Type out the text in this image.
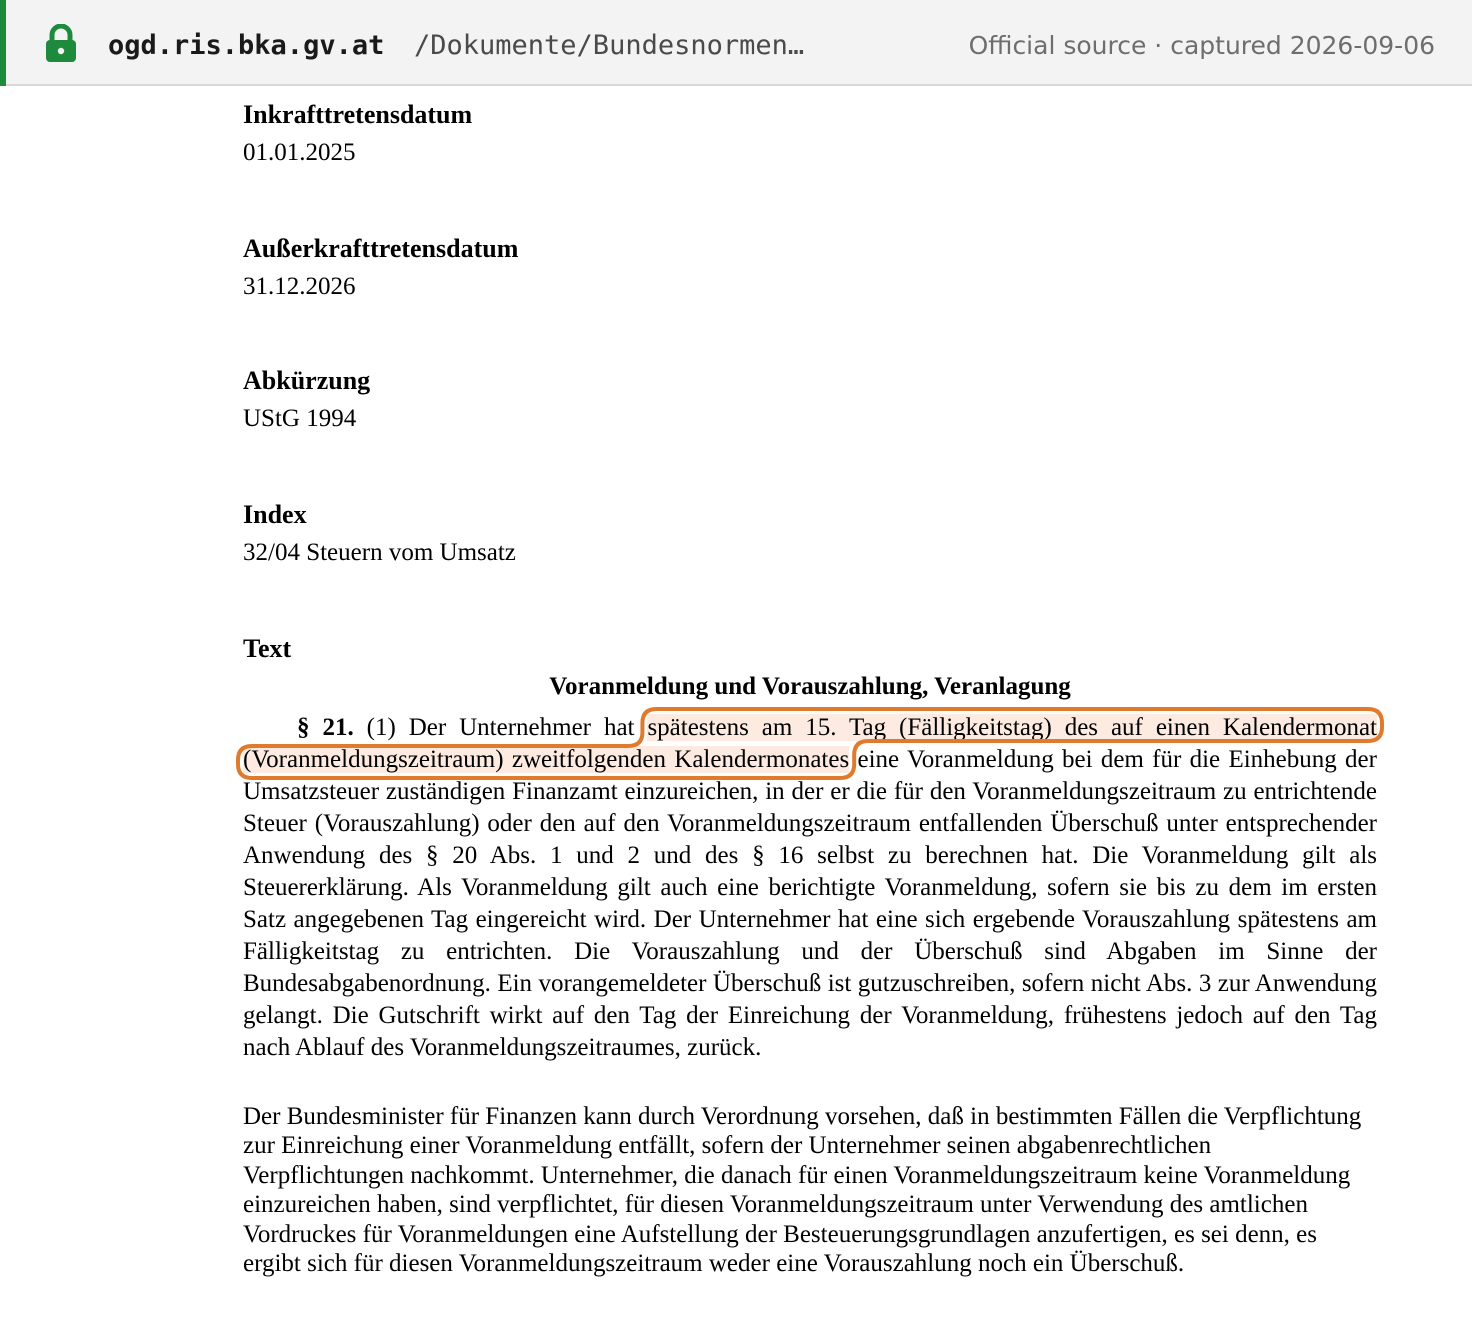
ogd.ris.bka.gv.at /Dokumente/Bundesnormen…	Official source · captured 2026-09-06
Inkrafttretensdatum
01.01.2025
Außerkrafttretensdatum
31.12.2026
Abkürzung
UStG 1994
Index
32/04 Steuern vom Umsatz
Text
Voranmeldung und Vorauszahlung, Veranlagung

§ 21. (1) Der Unternehmer hat spätestens am 15. Tag (Fälligkeitstag) des auf einen Kalendermonat (Voranmeldungszeitraum) zweitfolgenden Kalendermonates eine Voranmeldung bei dem für die Einhebung der Umsatzsteuer zuständigen Finanzamt einzureichen, in der er die für den Voranmeldungszeitraum zu entrichtende Steuer (Vorauszahlung) oder den auf den Voranmeldungszeitraum entfallenden Überschuß unter entsprechender Anwendung des § 20 Abs. 1 und 2 und des § 16 selbst zu berechnen hat. Die Voranmeldung gilt als Steuererklärung. Als Voranmeldung gilt auch eine berichtigte Voranmeldung, sofern sie bis zu dem im ersten Satz angegebenen Tag eingereicht wird. Der Unternehmer hat eine sich ergebende Vorauszahlung spätestens am Fälligkeitstag zu entrichten. Die Vorauszahlung und der Überschuß sind Abgaben im Sinne der Bundesabgabenordnung. Ein vorangemeldeter Überschuß ist gutzuschreiben, sofern nicht Abs. 3 zur Anwendung gelangt. Die Gutschrift wirkt auf den Tag der Einreichung der Voranmeldung, frühestens jedoch auf den Tag nach Ablauf des Voranmeldungszeitraumes, zurück.

Der Bundesminister für Finanzen kann durch Verordnung vorsehen, daß in bestimmten Fällen die Verpflichtung zur Einreichung einer Voranmeldung entfällt, sofern der Unternehmer seinen abgabenrechtlichen Verpflichtungen nachkommt. Unternehmer, die danach für einen Voranmeldungszeitraum keine Voranmeldung einzureichen haben, sind verpflichtet, für diesen Voranmeldungszeitraum unter Verwendung des amtlichen Vordruckes für Voranmeldungen eine Aufstellung der Besteuerungsgrundlagen anzufertigen, es sei denn, es ergibt sich für diesen Voranmeldungszeitraum weder eine Vorauszahlung noch ein Überschuß.
